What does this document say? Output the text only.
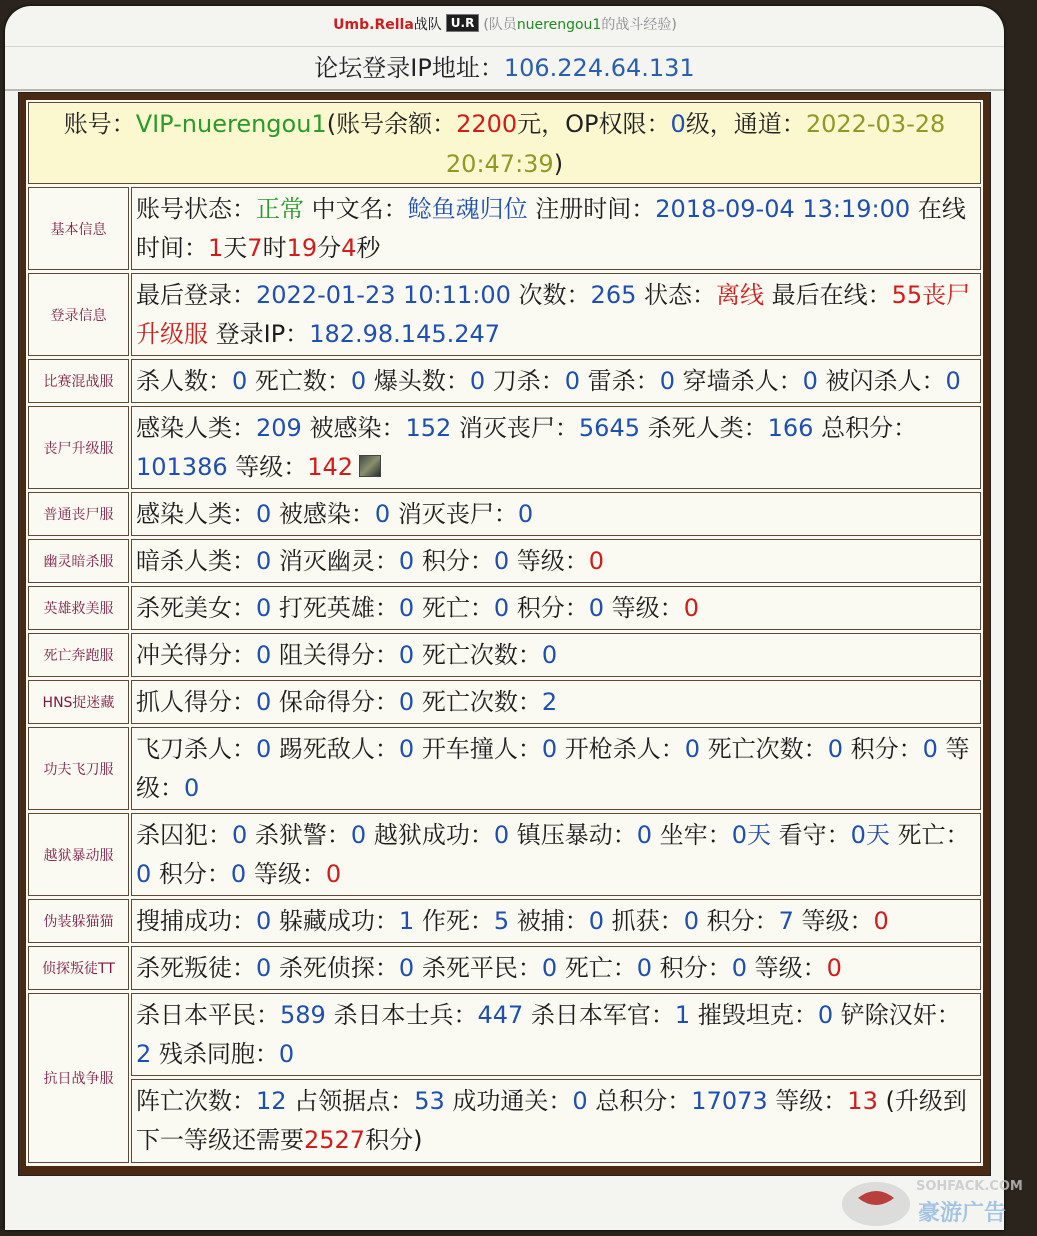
Umb.Rella战队 U.R (队员nuerengou1的战斗经验)
论坛登录IP地址：106.224.64.131
账号：VIP-nuerengou1(账号余额：2200元，OP权限：0级，通道：2022-03-28
20:47:39)
基本信息
账号状态：正常 中文名：鲶鱼魂归位 注册时间：2018-09-04 13:19:00 在线时间：1天7时19分4秒
登录信息
最后登录：2022-01-23 10:11:00 次数：265 状态：离线 最后在线：55丧尸升级服 登录IP：182.98.145.247
比赛混战服 杀人数：0 死亡数：0 爆头数：0 刀杀：0 雷杀：0 穿墙杀人：0 被闪杀人：0
丧尸升级服
感染人类：209 被感染：152 消灭丧尸：5645 杀死人类：166 总积分：101386 等级：142
普通丧尸服 感染人类：0 被感染：0 消灭丧尸：0
幽灵暗杀服 暗杀人类：0 消灭幽灵：0 积分：0 等级：0
英雄救美服 杀死美女：0 打死英雄：0 死亡：0 积分：0 等级：0
死亡奔跑服 冲关得分：0 阻关得分：0 死亡次数：0
HNS捉迷藏 抓人得分：0 保命得分：0 死亡次数：2
功夫飞刀服
飞刀杀人：0 踢死敌人：0 开车撞人：0 开枪杀人：0 死亡次数：0 积分：0 等级：0
越狱暴动服
杀囚犯：0 杀狱警：0 越狱成功：0 镇压暴动：0 坐牢：0天 看守：0天 死亡：0 积分：0 等级：0
伪装躲猫猫 搜捕成功：0 躲藏成功：1 作死：5 被捕：0 抓获：0 积分：7 等级：0
侦探叛徒TT 杀死叛徒：0 杀死侦探：0 杀死平民：0 死亡：0 积分：0 等级：0
抗日战争服
杀日本平民：589 杀日本士兵：447 杀日本军官：1 摧毁坦克：0 铲除汉奸：2 残杀同胞：0
阵亡次数：12 占领据点：53 成功通关：0 总积分：17073 等级：13 (升级到下一等级还需要2527积分)
SOHFACK.COM
豪游广告
